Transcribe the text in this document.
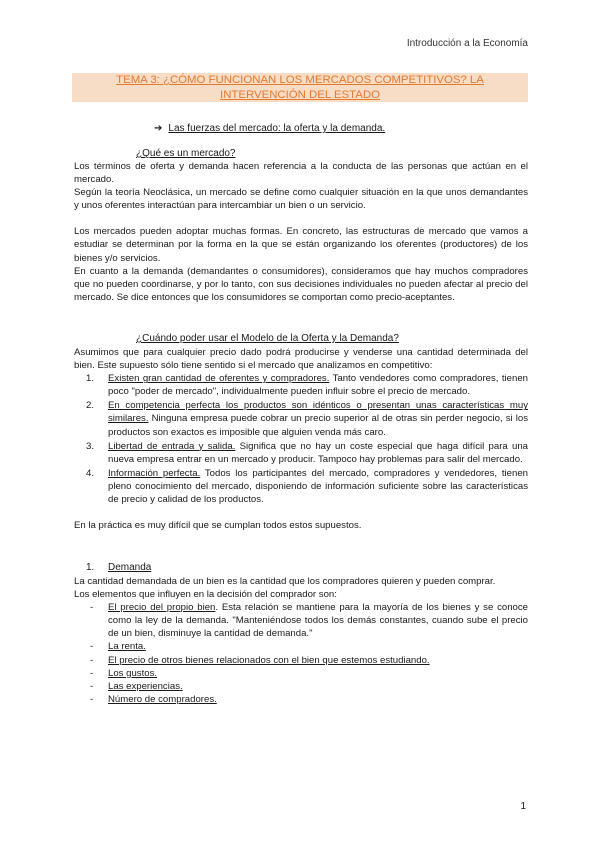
Introducción a la Economía
TEMA 3: ¿CÓMO FUNCIONAN LOS MERCADOS COMPETITIVOS? LA
INTERVENCIÓN DEL ESTADO
➔ Las fuerzas del mercado: la oferta y la demanda.
¿Qué es un mercado?

Los términos de oferta y demanda hacen referencia a la conducta de las personas que actúan en el mercado.

Según la teoría Neoclásica, un mercado se define como cualquier situación en la que unos demandantes y unos oferentes interactúan para intercambiar un bien o un servicio.

Los mercados pueden adoptar muchas formas. En concreto, las estructuras de mercado que vamos a estudiar se determinan por la forma en la que se están organizando los oferentes (productores) de los bienes y/o servicios.

En cuanto a la demanda (demandantes o consumidores), consideramos que hay muchos compradores que no pueden coordinarse, y por lo tanto, con sus decisiones individuales no pueden afectar al precio del mercado. Se dice entonces que los consumidores se comportan como precio-aceptantes.

¿Cuándo poder usar el Modelo de la Oferta y la Demanda?

Asumimos que para cualquier precio dado podrá producirse y venderse una cantidad determinada del bien. Este supuesto sólo tiene sentido si el mercado que analizamos en competitivo:

1. Existen gran cantidad de oferentes y compradores. Tanto vendedores como compradores, tienen poco "poder de mercado", individualmente pueden influir sobre el precio de mercado.
2. En competencia perfecta los productos son idénticos o presentan unas características muy similares. Ninguna empresa puede cobrar un precio superior al de otras sin perder negocio, si los productos son exactos es imposible que alguien venda más caro.
3. Libertad de entrada y salida. Significa que no hay un coste especial que haga difícil para una nueva empresa entrar en un mercado y producir. Tampoco hay problemas para salir del mercado.
4. Información perfecta. Todos los participantes del mercado, compradores y vendedores, tienen pleno conocimiento del mercado, disponiendo de información suficiente sobre las características de precio y calidad de los productos.

En la práctica es muy difícil que se cumplan todos estos supuestos.

1. Demanda

La cantidad demandada de un bien es la cantidad que los compradores quieren y pueden comprar.

Los elementos que influyen en la decisión del comprador son:

- El precio del propio bien. Esta relación se mantiene para la mayoría de los bienes y se conoce como la ley de la demanda. "Manteniéndose todos los demás constantes, cuando sube el precio de un bien, disminuye la cantidad de demanda."
- La renta.
- El precio de otros bienes relacionados con el bien que estemos estudiando.
- Los gustos.
- Las experiencias.
- Número de compradores.
1
